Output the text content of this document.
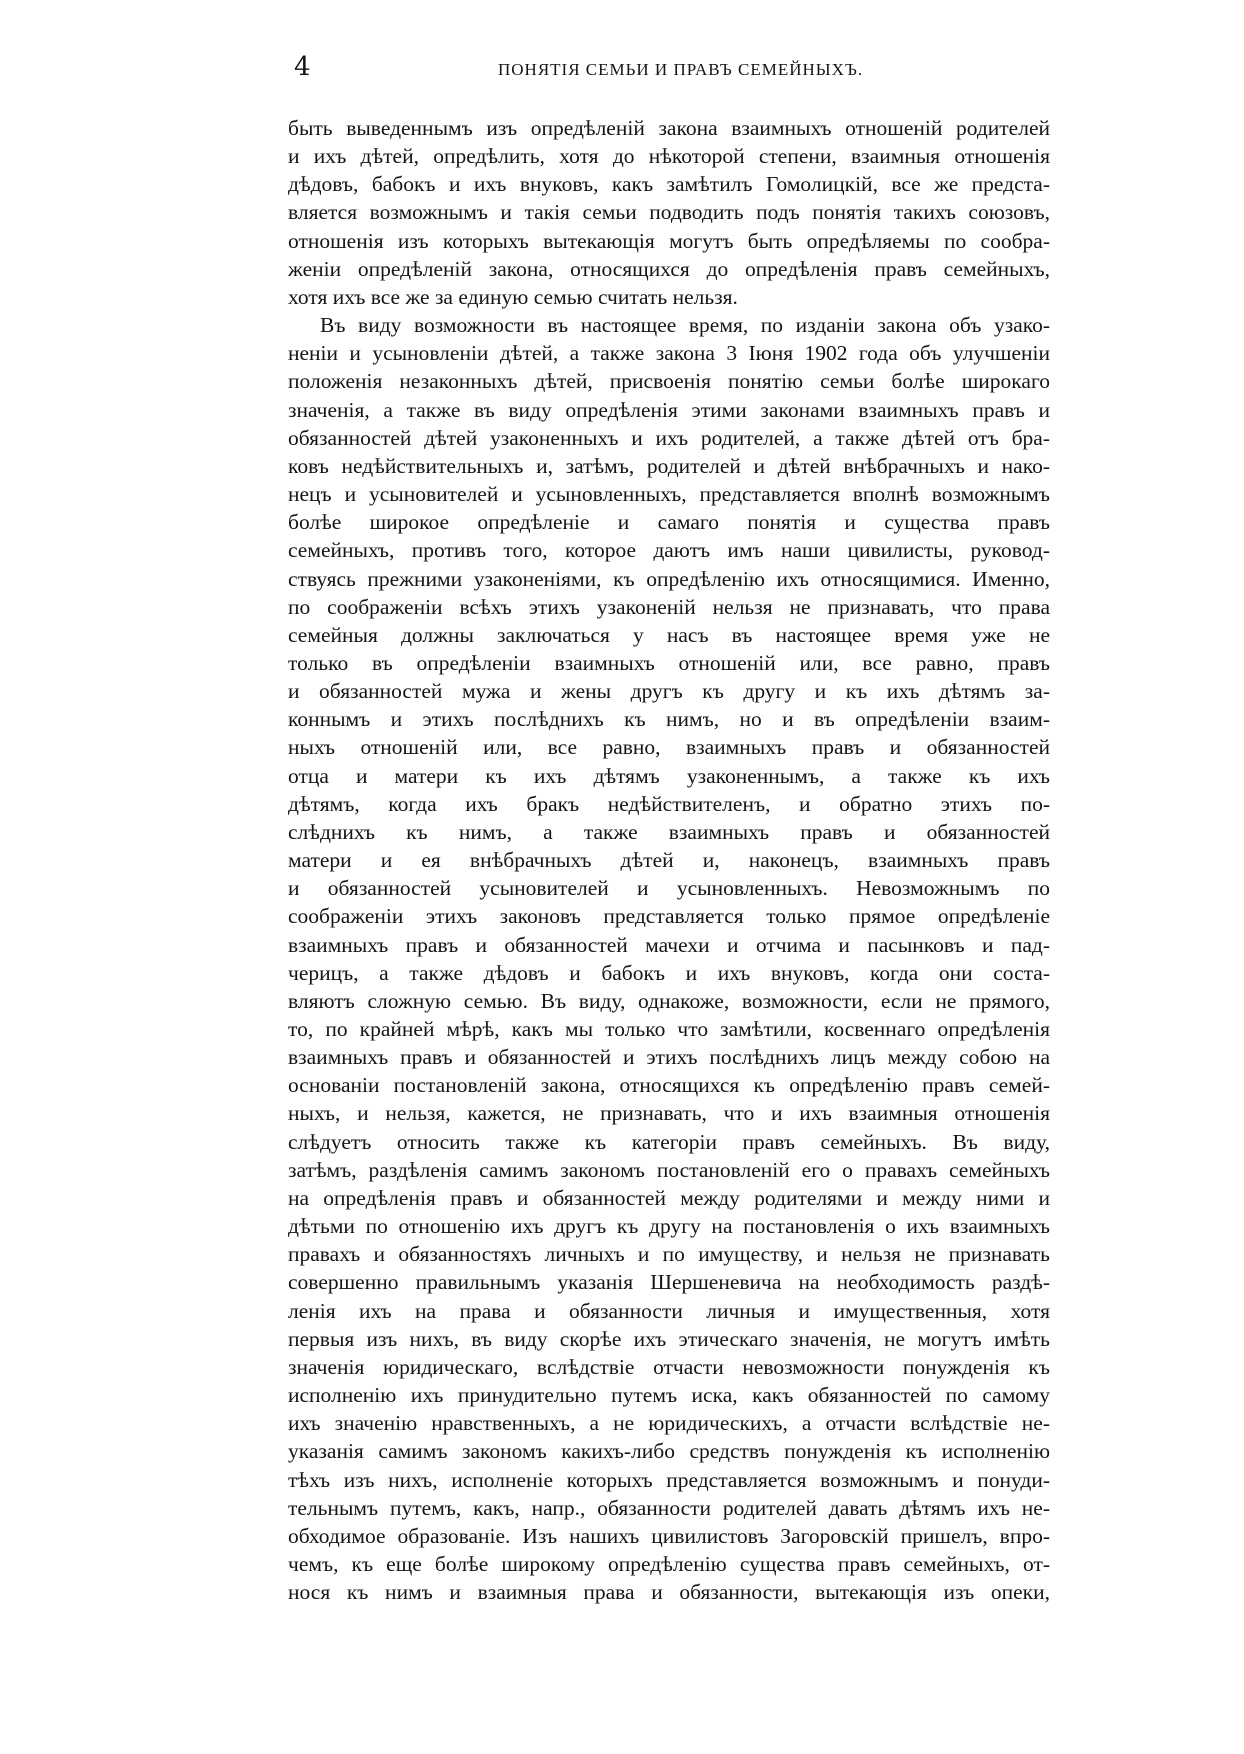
4	ПОНЯТІЯ СЕМЬИ И ПРАВЪ СЕМЕЙНЫХЪ.
быть выведеннымъ изъ опредѣленій закона взаимныхъ отношеній родителей
и ихъ дѣтей, опредѣлить, хотя до нѣкоторой степени, взаимныя отношенія
дѣдовъ, бабокъ и ихъ внуковъ, какъ замѣтилъ Гомолицкій, все же предста-
вляется возможнымъ и такія семьи подводить подъ понятія такихъ союзовъ,
отношенія изъ которыхъ вытекающія могутъ быть опредѣляемы по сообра-
женіи опредѣленій закона, относящихся до опредѣленія правъ семейныхъ,
хотя ихъ все же за единую семью считать нельзя.
Въ виду возможности въ настоящее время, по изданіи закона объ узако-
неніи и усыновленіи дѣтей, а также закона 3 Іюня 1902 года объ улучшеніи
положенія незаконныхъ дѣтей, присвоенія понятію семьи болѣе широкаго
значенія, а также въ виду опредѣленія этими законами взаимныхъ правъ и
обязанностей дѣтей узаконенныхъ и ихъ родителей, а также дѣтей отъ бра-
ковъ недѣйствительныхъ и, затѣмъ, родителей и дѣтей внѣбрачныхъ и нако-
нецъ и усыновителей и усыновленныхъ, представляется вполнѣ возможнымъ
болѣе широкое опредѣленіе и самаго понятія и существа правъ
семейныхъ, противъ того, которое даютъ имъ наши цивилисты, руковод-
ствуясь прежними узаконеніями, къ опредѣленію ихъ относящимися. Именно,
по соображеніи всѣхъ этихъ узаконеній нельзя не признавать, что права
семейныя должны заключаться у насъ въ настоящее время уже не
только въ опредѣленіи взаимныхъ отношеній или, все равно, правъ
и обязанностей мужа и жены другъ къ другу и къ ихъ дѣтямъ за-
коннымъ и этихъ послѣднихъ къ нимъ, но и въ опредѣленіи взаим-
ныхъ отношеній или, все равно, взаимныхъ правъ и обязанностей
отца и матери къ ихъ дѣтямъ узаконеннымъ, а также къ ихъ
дѣтямъ, когда ихъ бракъ недѣйствителенъ, и обратно этихъ по-
слѣднихъ къ нимъ, а также взаимныхъ правъ и обязанностей
матери и ея внѣбрачныхъ дѣтей и, наконецъ, взаимныхъ правъ
и обязанностей усыновителей и усыновленныхъ. Невозможнымъ по
соображеніи этихъ законовъ представляется только прямое опредѣленіе
взаимныхъ правъ и обязанностей мачехи и отчима и пасынковъ и пад-
черицъ, а также дѣдовъ и бабокъ и ихъ внуковъ, когда они соста-
вляютъ сложную семью. Въ виду, однакоже, возможности, если не прямого,
то, по крайней мѣрѣ, какъ мы только что замѣтили, косвеннаго опредѣленія
взаимныхъ правъ и обязанностей и этихъ послѣднихъ лицъ между собою на
основаніи постановленій закона, относящихся къ опредѣленію правъ семей-
ныхъ, и нельзя, кажется, не признавать, что и ихъ взаимныя отношенія
слѣдуетъ относить также къ категоріи правъ семейныхъ. Въ виду,
затѣмъ, раздѣленія самимъ закономъ постановленій его о правахъ семейныхъ
на опредѣленія правъ и обязанностей между родителями и между ними и
дѣтьми по отношенію ихъ другъ къ другу на постановленія о ихъ взаимныхъ
правахъ и обязанностяхъ личныхъ и по имуществу, и нельзя не признавать
совершенно правильнымъ указанія Шершеневича на необходимость раздѣ-
ленія ихъ на права и обязанности личныя и имущественныя, хотя
первыя изъ нихъ, въ виду скорѣе ихъ этическаго значенія, не могутъ имѣть
значенія юридическаго, вслѣдствіе отчасти невозможности понужденія къ
исполненію ихъ принудительно путемъ иска, какъ обязанностей по самому
ихъ значенію нравственныхъ, а не юридическихъ, а отчасти вслѣдствіе не-
указанія самимъ закономъ какихъ-либо средствъ понужденія къ исполненію
тѣхъ изъ нихъ, исполненіе которыхъ представляется возможнымъ и понуди-
тельнымъ путемъ, какъ, напр., обязанности родителей давать дѣтямъ ихъ не-
обходимое образованіе. Изъ нашихъ цивилистовъ Загоровскій пришелъ, впро-
чемъ, къ еще болѣе широкому опредѣленію существа правъ семейныхъ, от-
нося къ нимъ и взаимныя права и обязанности, вытекающія изъ опеки,
